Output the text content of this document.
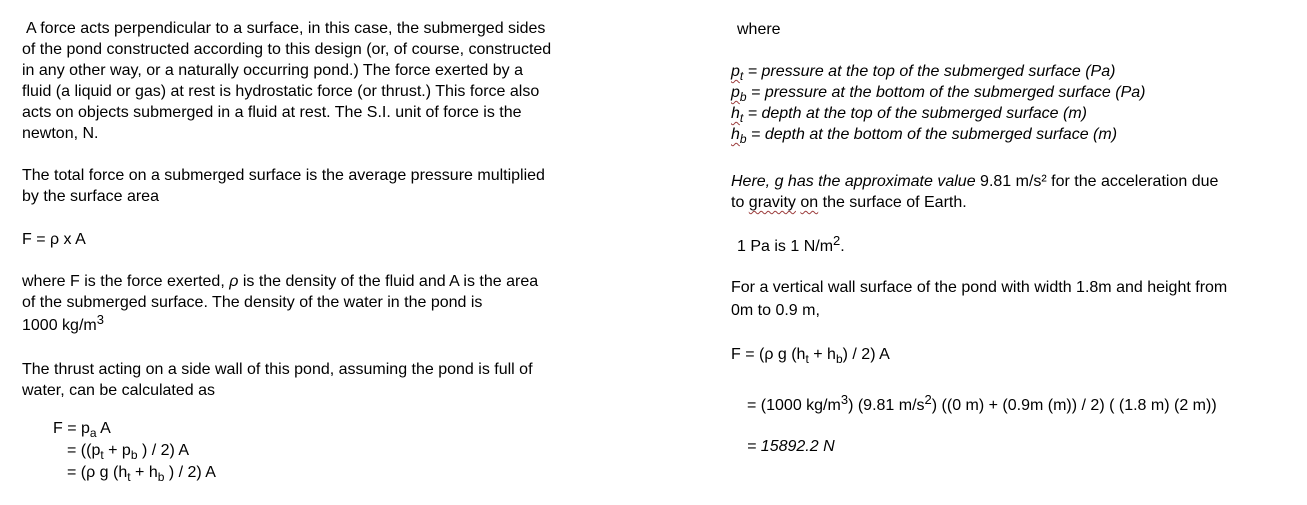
A force acts perpendicular to a surface, in this case, the submerged sides

of the pond constructed according to this design (or, of course, constructed

in any other way, or a naturally occurring pond.) The force exerted by a

fluid (a liquid or gas) at rest is hydrostatic force (or thrust.) This force also

acts on objects submerged in a fluid at rest. The S.I. unit of force is the

newton, N.

The total force on a submerged surface is the average pressure multiplied

by the surface area

F = ρ x A

where F is the force exerted, ρ is the density of the fluid and A is the area

of the submerged surface. The density of the water in the pond is

1000 $kg/m^3$

The thrust acting on a side wall of this pond, assuming the pond is full of

water, can be calculated as

$F = p_a$ A

= (($p_t + p_b$ ) / 2) A

= (ρ g ($h_t + h_b$ ) / 2) A

where

$p_t$ = pressure at the top of the submerged surface (Pa)

$p_b$ = pressure at the bottom of the submerged surface (Pa)

$h_t$ = depth at the top of the submerged surface (m)

$h_b$ = depth at the bottom of the submerged surface (m)

Here, g has the approximate value 9.81 m/s² for the acceleration due

to gravity on the surface of Earth.

1 Pa is 1 $N/m^2$.

For a vertical wall surface of the pond with width 1.8m and height from

0m to 0.9 m,

F = (ρ g $(h_t + h_b) / 2$) A

= (1000 $kg/m^3$) (9.81 $m/s^2$) ((0 m) + (0.9m (m)) / 2) ( (1.8 m) (2 m))

= 15892.2 N
